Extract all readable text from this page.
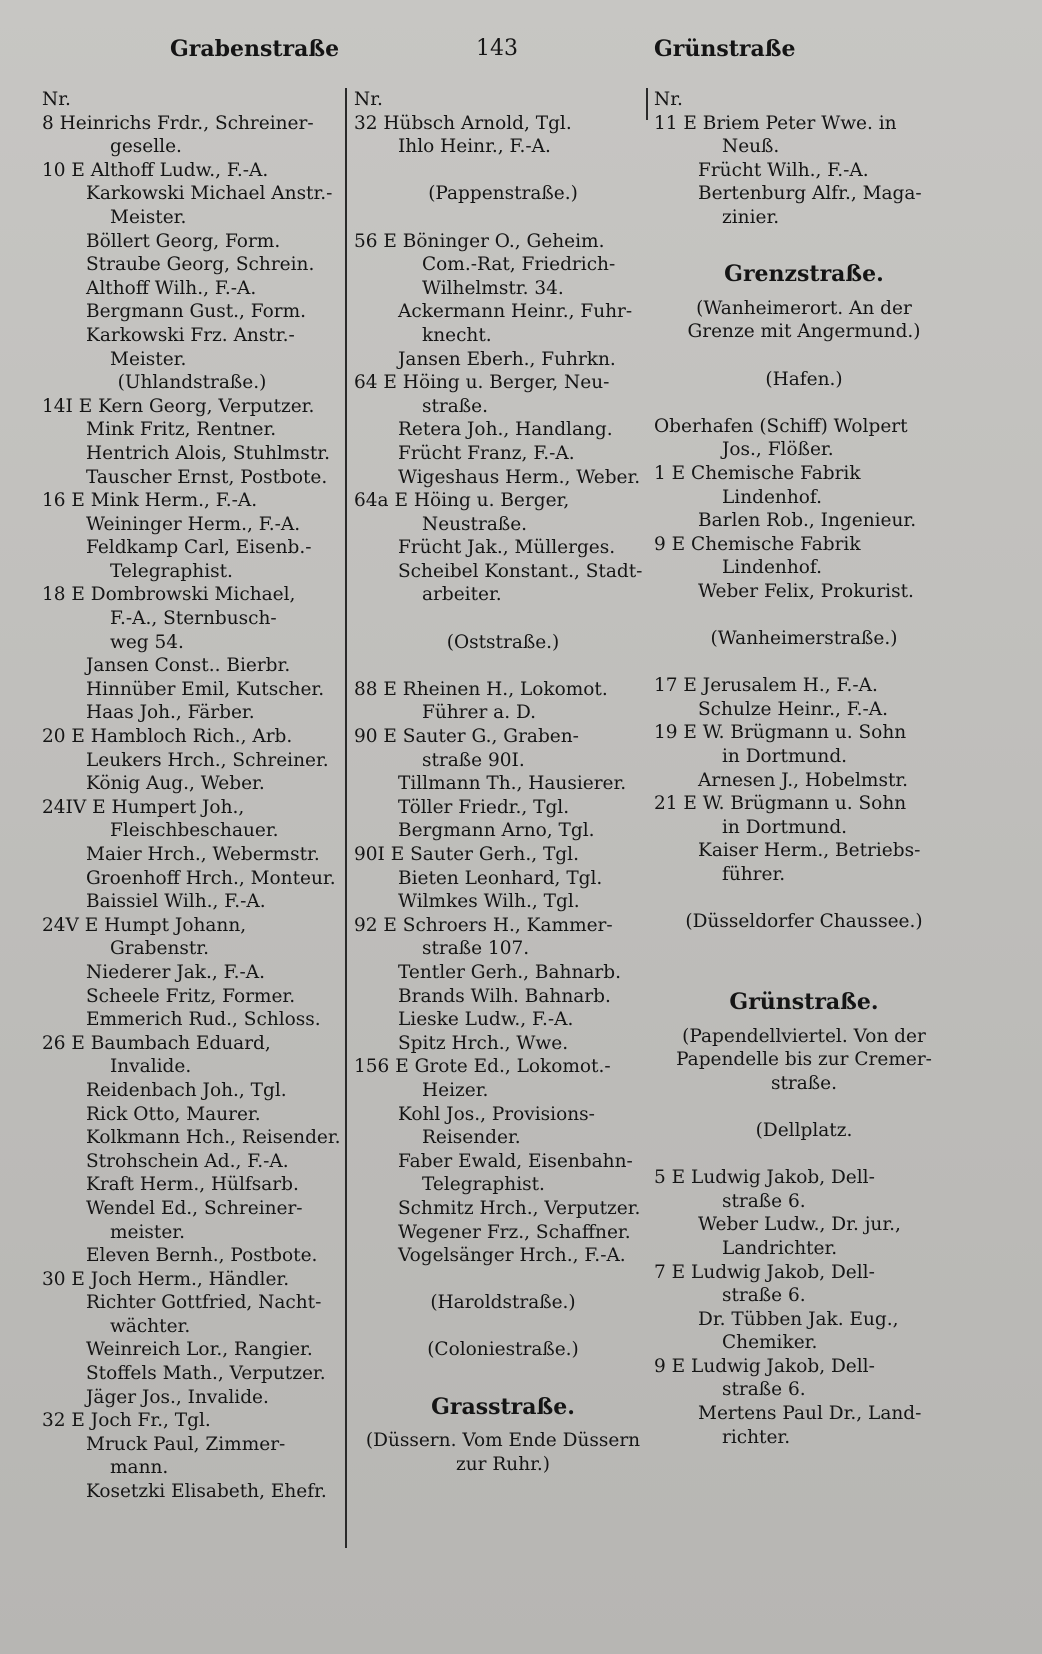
Grabenstraße	143	Grünstraße
Nr.
8 Heinrichs Frdr., Schreiner-
gesellе.
10 E Althoff Ludw., F.-A.
Karkowski Michael Anstr.-
Meister.
Böllert Georg, Form.
Straube Georg, Schrein.
Althoff Wilh., F.-A.
Bergmann Gust., Form.
Karkowski Frz. Anstr.-
Meister.
(Uhlandstraße.)
14I E Kern Georg, Verputzer.
Mink Fritz, Rentner.
Hentrich Alois, Stuhlmstr.
Tauscher Ernst, Postbote.
16 E Mink Herm., F.-A.
Weininger Herm., F.-A.
Feldkamp Carl, Eisenb.-
Telegraphist.
18 E Dombrowski Michael,
F.-A., Sternbusch-
weg 54.
Jansen Const.. Bierbr.
Hinnüber Emil, Kutscher.
Haas Joh., Färber.
20 E Hambloch Rich., Arb.
Leukers Hrch., Schreiner.
König Aug., Weber.
24IV E Humpert Joh.,
Fleischbeschauer.
Maier Hrch., Webermstr.
Groenhoff Hrch., Monteur.
Baissiel Wilh., F.-A.
24V E Humpt Johann,
Grabenstr.
Niederer Jak., F.-A.
Scheele Fritz, Former.
Emmerich Rud., Schloss.
26 E Baumbach Eduard,
Invalide.
Reidenbach Joh., Tgl.
Rick Otto, Maurer.
Kolkmann Hch., Reisender.
Strohschein Ad., F.-A.
Kraft Herm., Hülfsarb.
Wendel Ed., Schreiner-
meister.
Eleven Bernh., Postbote.
30 E Joch Herm., Händler.
Richter Gottfried, Nacht-
wächter.
Weinreich Lor., Rangier.
Stoffels Math., Verputzer.
Jäger Jos., Invalide.
32 E Joch Fr., Tgl.
Mruck Paul, Zimmer-
mann.
Kosetzki Elisabeth, Ehefr.
Nr.
32 Hübsch Arnold, Tgl.
Ihlo Heinr., F.-A.
(Pappenstraße.)
56 E Böninger O., Geheim.
Com.-Rat, Friedrich-
Wilhelmstr. 34.
Ackermann Heinr., Fuhr-
knecht.
Jansen Eberh., Fuhrkn.
64 E Höing u. Berger, Neu-
straße.
Retera Joh., Handlang.
Frücht Franz, F.-A.
Wigeshaus Herm., Weber.
64a E Höing u. Berger,
Neustraße.
Frücht Jak., Müllerges.
Scheibel Konstant., Stadt-
arbeiter.
(Oststraße.)
88 E Rheinen H., Lokomot.
Führer a. D.
90 E Sauter G., Graben-
straße 90I.
Tillmann Th., Hausierer.
Töller Friedr., Tgl.
Bergmann Arno, Tgl.
90I E Sauter Gerh., Tgl.
Bieten Leonhard, Tgl.
Wilmkes Wilh., Tgl.
92 E Schroers H., Kammer-
straße 107.
Tentler Gerh., Bahnarb.
Brands Wilh. Bahnarb.
Lieske Ludw., F.-A.
Spitz Hrch., Wwe.
156 E Grote Ed., Lokomot.-
Heizer.
Kohl Jos., Provisions-
Reisender.
Faber Ewald, Eisenbahn-
Telegraphist.
Schmitz Hrch., Verputzer.
Wegener Frz., Schaffner.
Vogelsänger Hrch., F.-A.
(Haroldstraße.)
(Coloniestraße.)
Grasstraße.
(Düssern. Vom Ende Düssern
zur Ruhr.)
Nr.
11 E Briem Peter Wwe. in
Neuß.
Frücht Wilh., F.-A.
Bertenburg Alfr., Maga-
zinier.
Grenzstraße.
(Wanheimerort. An der
Grenze mit Angermund.)
(Hafen.)
Oberhafen (Schiff) Wolpert
Jos., Flößer.
1 E Chemische Fabrik
Lindenhof.
Barlen Rob., Ingenieur.
9 E Chemische Fabrik
Lindenhof.
Weber Felix, Prokurist.
(Wanheimerstraße.)
17 E Jerusalem H., F.-A.
Schulze Heinr., F.-A.
19 E W. Brügmann u. Sohn
in Dortmund.
Arnesen J., Hobelmstr.
21 E W. Brügmann u. Sohn
in Dortmund.
Kaiser Herm., Betriebs-
führer.
(Düsseldorfer Chaussee.)
Grünstraße.
(Papendellviertel. Von der
Papendelle bis zur Cremer-
straße.
(Dellplatz.
5 E Ludwig Jakob, Dell-
straße 6.
Weber Ludw., Dr. jur.,
Landrichter.
7 E Ludwig Jakob, Dell-
straße 6.
Dr. Tübben Jak. Eug.,
Chemiker.
9 E Ludwig Jakob, Dell-
straße 6.
Mertens Paul Dr., Land-
richter.
